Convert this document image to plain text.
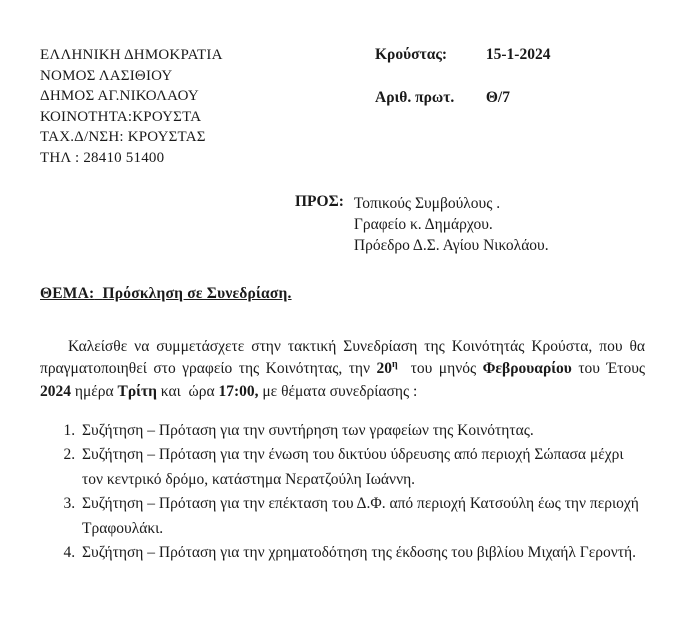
ΕΛΛΗΝΙΚΗ ΔΗΜΟΚΡΑΤΙΑ
ΝΟΜΟΣ ΛΑΣΙΘΙΟΥ
ΔΗΜΟΣ ΑΓ.ΝΙΚΟΛΑΟΥ
ΚΟΙΝΟΤΗΤΑ:ΚΡΟΥΣΤΑ
ΤΑΧ.Δ/ΝΣΗ: ΚΡΟΥΣΤΑΣ
ΤΗΛ : 28410 51400
Κρούστας:	15-1-2024
Αριθ. πρωτ. Θ/7
ΠΡΟΣ: Τοπικούς Συμβούλους .
Γραφείο κ. Δημάρχου.
Πρόεδρο Δ.Σ. Αγίου Νικολάου.
ΘΕΜΑ: Πρόσκληση σε Συνεδρίαση.

Καλείσθε να συμμετάσχετε στην τακτική Συνεδρίαση της Κοινότητάς Κρούστα, που θα πραγματοποιηθεί στο γραφείο της Κοινότητας, την $20^\eta$  του μηνός Φεβρουαρίου του Έτους 2024 ημέρα Τρίτη και  ώρα 17:00, με θέματα συνεδρίασης :

1. Συζήτηση – Πρόταση για την συντήρηση των γραφείων της Κοινότητας.
2. Συζήτηση – Πρόταση για την ένωση του δικτύου ύδρευσης από περιοχή Σώπασα μέχρι τον κεντρικό δρόμο, κατάστημα Νερατζούλη Ιωάννη.
3. Συζήτηση – Πρόταση για την επέκταση του Δ.Φ. από περιοχή Κατσούλη έως την περιοχή Τραφουλάκι.
4. Συζήτηση – Πρόταση για την χρηματοδότηση της έκδοσης του βιβλίου Μιχαήλ Γεροντή.
